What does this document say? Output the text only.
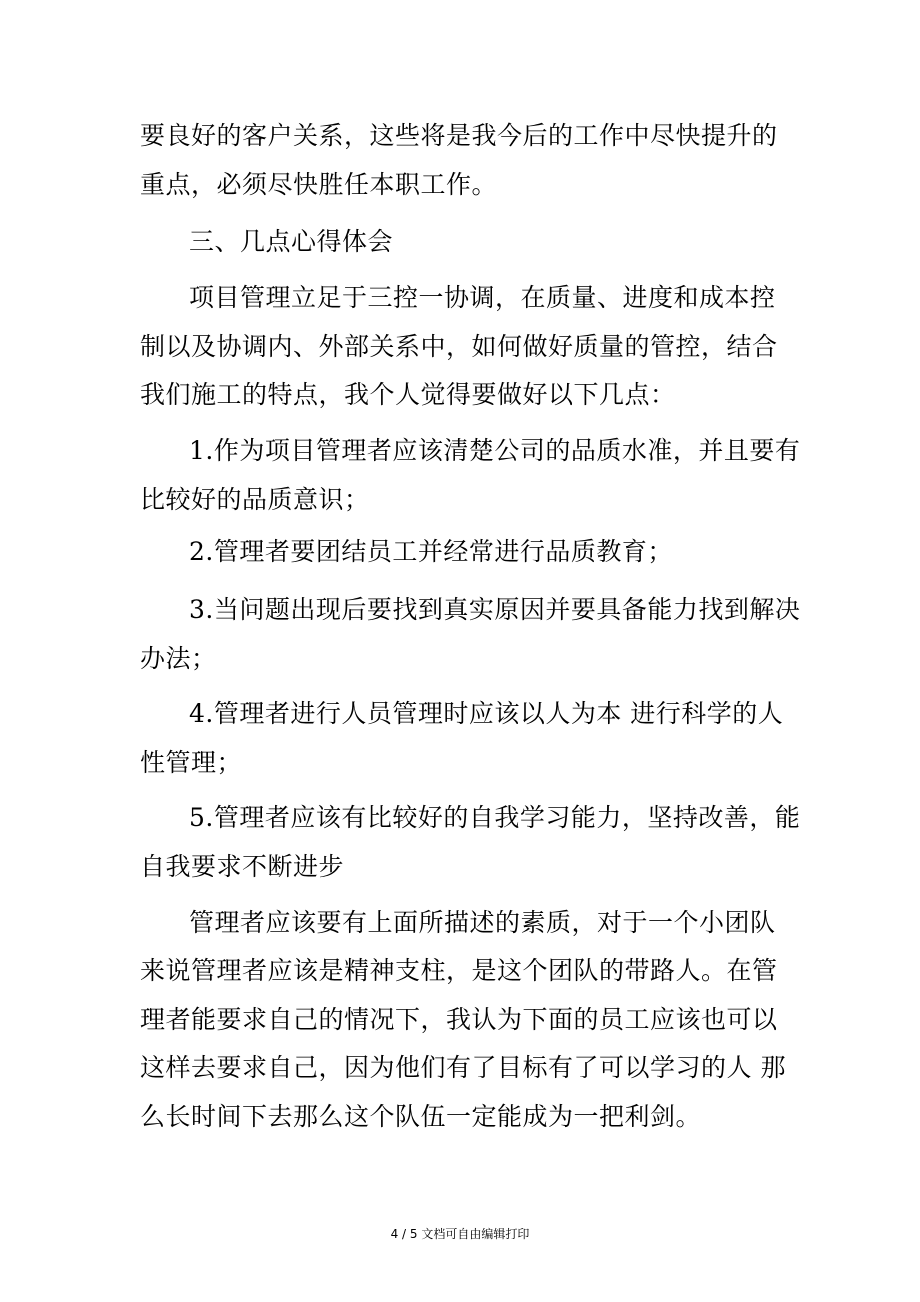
要良好的客户关系，这些将是我今后的工作中尽快提升的
重点，必须尽快胜任本职工作。
三、几点心得体会
项目管理立足于三控一协调，在质量、进度和成本控
制以及协调内、外部关系中，如何做好质量的管控，结合
我们施工的特点，我个人觉得要做好以下几点：
1.作为项目管理者应该清楚公司的品质水准，并且要有
比较好的品质意识；
2.管理者要团结员工并经常进行品质教育；
3.当问题出现后要找到真实原因并要具备能力找到解决
办法；
4.管理者进行人员管理时应该以人为本 进行科学的人
性管理；
5.管理者应该有比较好的自我学习能力，坚持改善，能
自我要求不断进步
管理者应该要有上面所描述的素质，对于一个小团队
来说管理者应该是精神支柱，是这个团队的带路人。在管
理者能要求自己的情况下，我认为下面的员工应该也可以
这样去要求自己，因为他们有了目标有了可以学习的人 那
么长时间下去那么这个队伍一定能成为一把利剑。
4 / 5 文档可自由编辑打印
